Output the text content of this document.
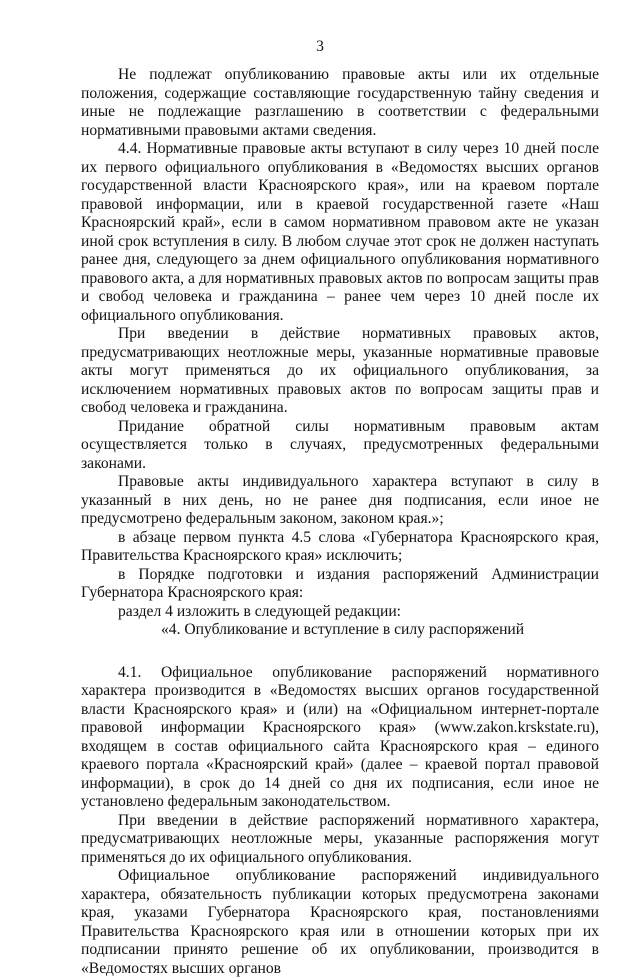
3

Не подлежат опубликованию правовые акты или их отдельные положения, содержащие составляющие государственную тайну сведения и иные не подлежащие разглашению в соответствии с федеральными нормативными правовыми актами сведения.

4.4. Нормативные правовые акты вступают в силу через 10 дней после их первого официального опубликования в «Ведомостях высших органов государственной власти Красноярского края», или на краевом портале правовой информации, или в краевой государственной газете «Наш Красноярский край», если в самом нормативном правовом акте не указан иной срок вступления в силу. В любом случае этот срок не должен наступать ранее дня, следующего за днем официального опубликования нормативного правового акта, а для нормативных правовых актов по вопросам защиты прав и свобод человека и гражданина – ранее чем через 10 дней после их официального опубликования.

При введении в действие нормативных правовых актов, предусматривающих неотложные меры, указанные нормативные правовые акты могут применяться до их официального опубликования, за исключением нормативных правовых актов по вопросам защиты прав и свобод человека и гражданина.

Придание обратной силы нормативным правовым актам осуществляется только в случаях, предусмотренных федеральными законами.

Правовые акты индивидуального характера вступают в силу в указанный в них день, но не ранее дня подписания, если иное не предусмотрено федеральным законом, законом края.»;

в абзаце первом пункта 4.5 слова «Губернатора Красноярского края, Правительства Красноярского края» исключить;

в Порядке подготовки и издания распоряжений Администрации Губернатора Красноярского края:

раздел 4 изложить в следующей редакции:

«4. Опубликование и вступление в силу распоряжений

4.1. Официальное опубликование распоряжений нормативного характера производится в «Ведомостях высших органов государственной власти Красноярского края» и (или) на «Официальном интернет-портале правовой информации Красноярского края» (www.zakon.krskstate.ru), входящем в состав официального сайта Красноярского края – единого краевого портала «Красноярский край» (далее – краевой портал правовой информации), в срок до 14 дней со дня их подписания, если иное не установлено федеральным законодательством.

При введении в действие распоряжений нормативного характера, предусматривающих неотложные меры, указанные распоряжения могут применяться до их официального опубликования.

Официальное опубликование распоряжений индивидуального характера, обязательность публикации которых предусмотрена законами края, указами Губернатора Красноярского края, постановлениями Правительства Красноярского края или в отношении которых при их подписании принято решение об их опубликовании, производится в «Ведомостях высших органов
